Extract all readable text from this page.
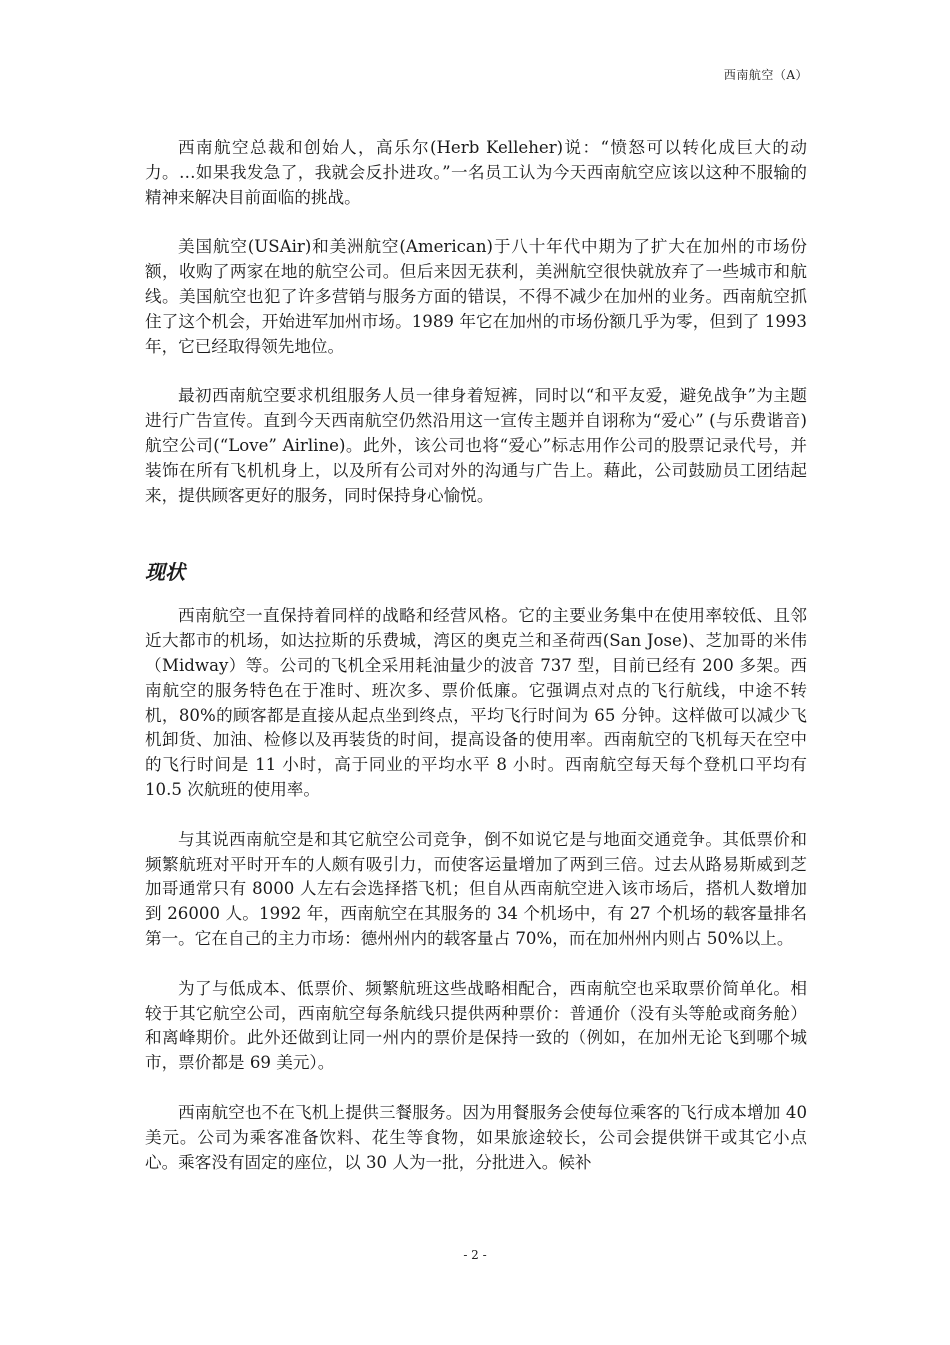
西南航空（A）

西南航空总裁和创始人，高乐尔(Herb Kelleher)说：“愤怒可以转化成巨大的动力。…如果我发急了，我就会反扑进攻。”一名员工认为今天西南航空应该以这种不服输的精神来解决目前面临的挑战。

美国航空(USAir)和美洲航空(American)于八十年代中期为了扩大在加州的市场份额，收购了两家在地的航空公司。但后来因无获利，美洲航空很快就放弃了一些城市和航线。美国航空也犯了许多营销与服务方面的错误，不得不减少在加州的业务。西南航空抓住了这个机会，开始进军加州市场。1989 年它在加州的市场份额几乎为零，但到了 1993 年，它已经取得领先地位。

最初西南航空要求机组服务人员一律身着短裤，同时以“和平友爱，避免战争”为主题进行广告宣传。直到今天西南航空仍然沿用这一宣传主题并自诩称为“爱心” (与乐费谐音)航空公司(“Love” Airline)。此外，该公司也将“爱心”标志用作公司的股票记录代号，并装饰在所有飞机机身上，以及所有公司对外的沟通与广告上。藉此，公司鼓励员工团结起来，提供顾客更好的服务，同时保持身心愉悦。

现状

西南航空一直保持着同样的战略和经营风格。它的主要业务集中在使用率较低、且邻近大都市的机场，如达拉斯的乐费城，湾区的奥克兰和圣荷西(San Jose)、芝加哥的米伟（Midway）等。公司的飞机全采用耗油量少的波音 737 型，目前已经有 200 多架。西南航空的服务特色在于准时、班次多、票价低廉。它强调点对点的飞行航线，中途不转机，80%的顾客都是直接从起点坐到终点，平均飞行时间为 65 分钟。这样做可以减少飞机卸货、加油、检修以及再装货的时间，提高设备的使用率。西南航空的飞机每天在空中的飞行时间是 11 小时，高于同业的平均水平 8 小时。西南航空每天每个登机口平均有 10.5 次航班的使用率。

与其说西南航空是和其它航空公司竞争，倒不如说它是与地面交通竞争。其低票价和频繁航班对平时开车的人颇有吸引力，而使客运量增加了两到三倍。过去从路易斯威到芝加哥通常只有 8000 人左右会选择搭飞机；但自从西南航空进入该市场后，搭机人数增加到 26000 人。1992 年，西南航空在其服务的 34 个机场中，有 27 个机场的载客量排名第一。它在自己的主力市场：德州州内的载客量占 70%，而在加州州内则占 50%以上。

为了与低成本、低票价、频繁航班这些战略相配合，西南航空也采取票价简单化。相较于其它航空公司，西南航空每条航线只提供两种票价：普通价（没有头等舱或商务舱）和离峰期价。此外还做到让同一州内的票价是保持一致的（例如，在加州无论飞到哪个城市，票价都是 69 美元）。

西南航空也不在飞机上提供三餐服务。因为用餐服务会使每位乘客的飞行成本增加 40 美元。公司为乘客准备饮料、花生等食物，如果旅途较长，公司会提供饼干或其它小点心。乘客没有固定的座位，以 30 人为一批，分批进入。候补

- 2 -
